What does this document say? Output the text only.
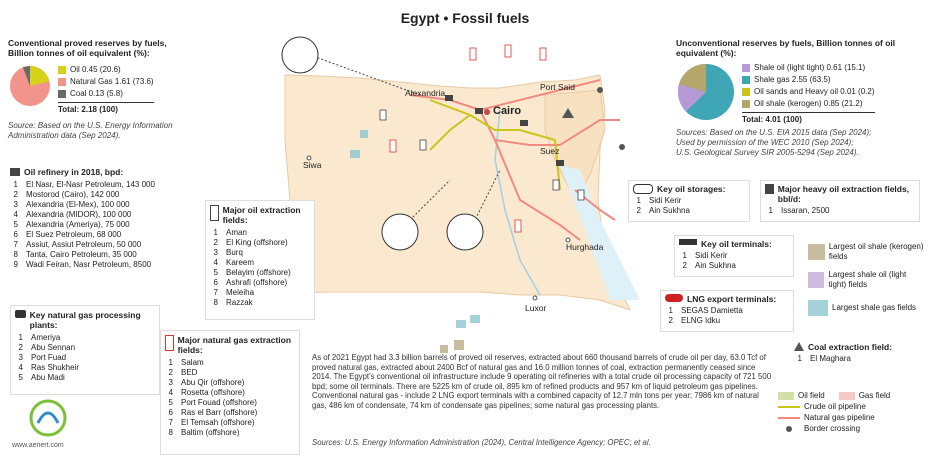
Egypt • Fossil fuels
Alexandria
Port Said
Cairo
Suez
Siwa
Hurghada
Luxor
Conventional proved reserves by fuels, Billion tonnes of oil equivalent (%):
Oil 0.45 (20.6)
Natural Gas 1.61 (73.6)
Coal 0.13 (5.8)
Total: 2.18 (100)
Source: Based on the U.S. Energy Information Administration data (Sep 2024).
Unconventional reserves by fuels, Billion tonnes of oil equivalent (%):
Shale oil (light tight) 0.61 (15.1)
Shale gas 2.55 (63.5)
Oil sands and Heavy oil 0.01 (0.2)
Oil shale (kerogen) 0.85 (21.2)
Total: 4.01 (100)
Sources: Based on the U.S. EIA 2015 data (Sep 2024);
Used by permission of the WEC 2010 (Sep 2024);
U.S. Geological Survey SIR 2005-5294 (Sep 2024).
Oil refinery in 2018, bpd:
1 El Nasr, El-Nasr Petroleum, 143 000
2 Mostorod (Cairo), 142 000
3 Alexandria (El-Mex), 100 000
4 Alexandria (MIDOR), 100 000
5 Alexandria (Ameriya), 75 000
6 El Suez Petroleum, 68 000
7 Assiut, Assiut Petroleum, 50 000
8 Tanta, Cairo Petroleum, 35 000
9 Wadi Feiran, Nasr Petroleum, 8500
Key natural gas processing plants:
1 Ameriya
2 Abu Sennan
3 Port Fuad
4 Ras Shukheir
5 Abu Madi
Major oil extraction fields:
1 Aman
2 El King (offshore)
3 Burq
4 Kareem
5 Belayim (offshore)
6 Ashrafi (offshore)
7 Meleiha
8 Razzak
Major natural gas extraction fields:
1 Salam
2 BED
3 Abu Qir (offshore)
4 Rosetta (offshore)
5 Port Fouad (offshore)
6 Ras el Barr (offshore)
7 El Temsah (offshore)
8 Baltim (offshore)
Key oil storages:
1 Sidi Kerir
2 Ain Sukhna
Major heavy oil extraction fields, bbl/d:
1 Issaran, 2500
Key oil terminals:
1 Sidi Kerir
2 Ain Sukhna
LNG export terminals:
1 SEGAS Damietta
2 ELNG Idku
Coal extraction field:
1 El Maghara
Largest oil shale (kerogen) fields
Largest shale oil (light tight) fields
Largest shale gas fields
Oil field	Gas field
Crude oil pipeline
Natural gas pipeline
Border crossing
As of 2021 Egypt had 3.3 billion barrels of proved oil reserves, extracted about 660 thousand barrels of crude oil per day, 63.0 Tcf of proved natural gas, extracted about 2400 Bcf of natural gas and 16.0 million tonnes of coal, extraction permanently ceased since 2014. The Egypt's conventional oil infrastructure include 9 operating oil refineries with a total crude oil processing capacity of 721 500 bpd; some oil terminals. There are 5225 km of crude oil, 895 km of refined products and 957 km of liquid petroleum gas pipelines. Conventional natural gas - include 2 LNG export terminals with a combined capacity of 12.7 mln tons per year; 7986 km of natural gas, 486 km of condensate, 74 km of condensate gas pipelines; some natural gas processing plants.
Sources: U.S. Energy Information Administration (2024), Central Intelligence Agency; OPEC; et al.
www.aenert.com
